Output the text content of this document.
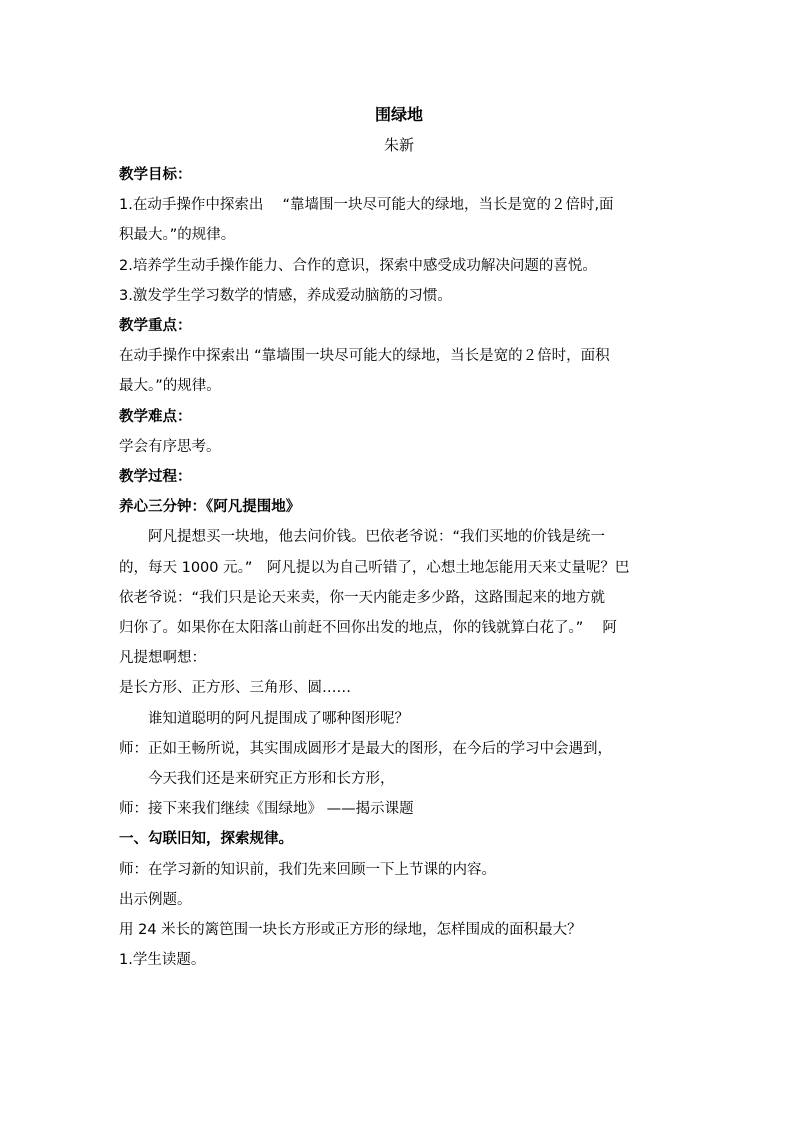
围绿地

朱新

教学目标：

1.在动手操作中探索出　 “靠墙围一块尽可能大的绿地，当长是宽的２倍时,面

积最大。”的规律。

2.培养学生动手操作能力、合作的意识，探索中感受成功解决问题的喜悦。

3.激发学生学习数学的情感，养成爱动脑筋的习惯。

教学重点：

在动手操作中探索出 “靠墙围一块尽可能大的绿地，当长是宽的２倍时，面积

最大。”的规律。

教学难点：

学会有序思考。

教学过程：

养心三分钟：《阿凡提围地》

阿凡提想买一块地，他去问价钱。巴依老爷说：“我们买地的价钱是统一

的，每天 1000 元。”　阿凡提以为自己听错了，心想土地怎能用天来丈量呢？巴

依老爷说：“我们只是论天来卖，你一天内能走多少路，这路围起来的地方就

归你了。如果你在太阳落山前赶不回你出发的地点，你的钱就算白花了。”　 阿

凡提想啊想：

是长方形、正方形、三角形、圆……

谁知道聪明的阿凡提围成了哪种图形呢？

师：正如王畅所说，其实围成圆形才是最大的图形，在今后的学习中会遇到，

今天我们还是来研究正方形和长方形，

师：接下来我们继续《围绿地》 ——揭示课题

一、勾联旧知，探索规律。

师：在学习新的知识前，我们先来回顾一下上节课的内容。

出示例题。

用 24 米长的篱笆围一块长方形或正方形的绿地，怎样围成的面积最大？

1.学生读题。
